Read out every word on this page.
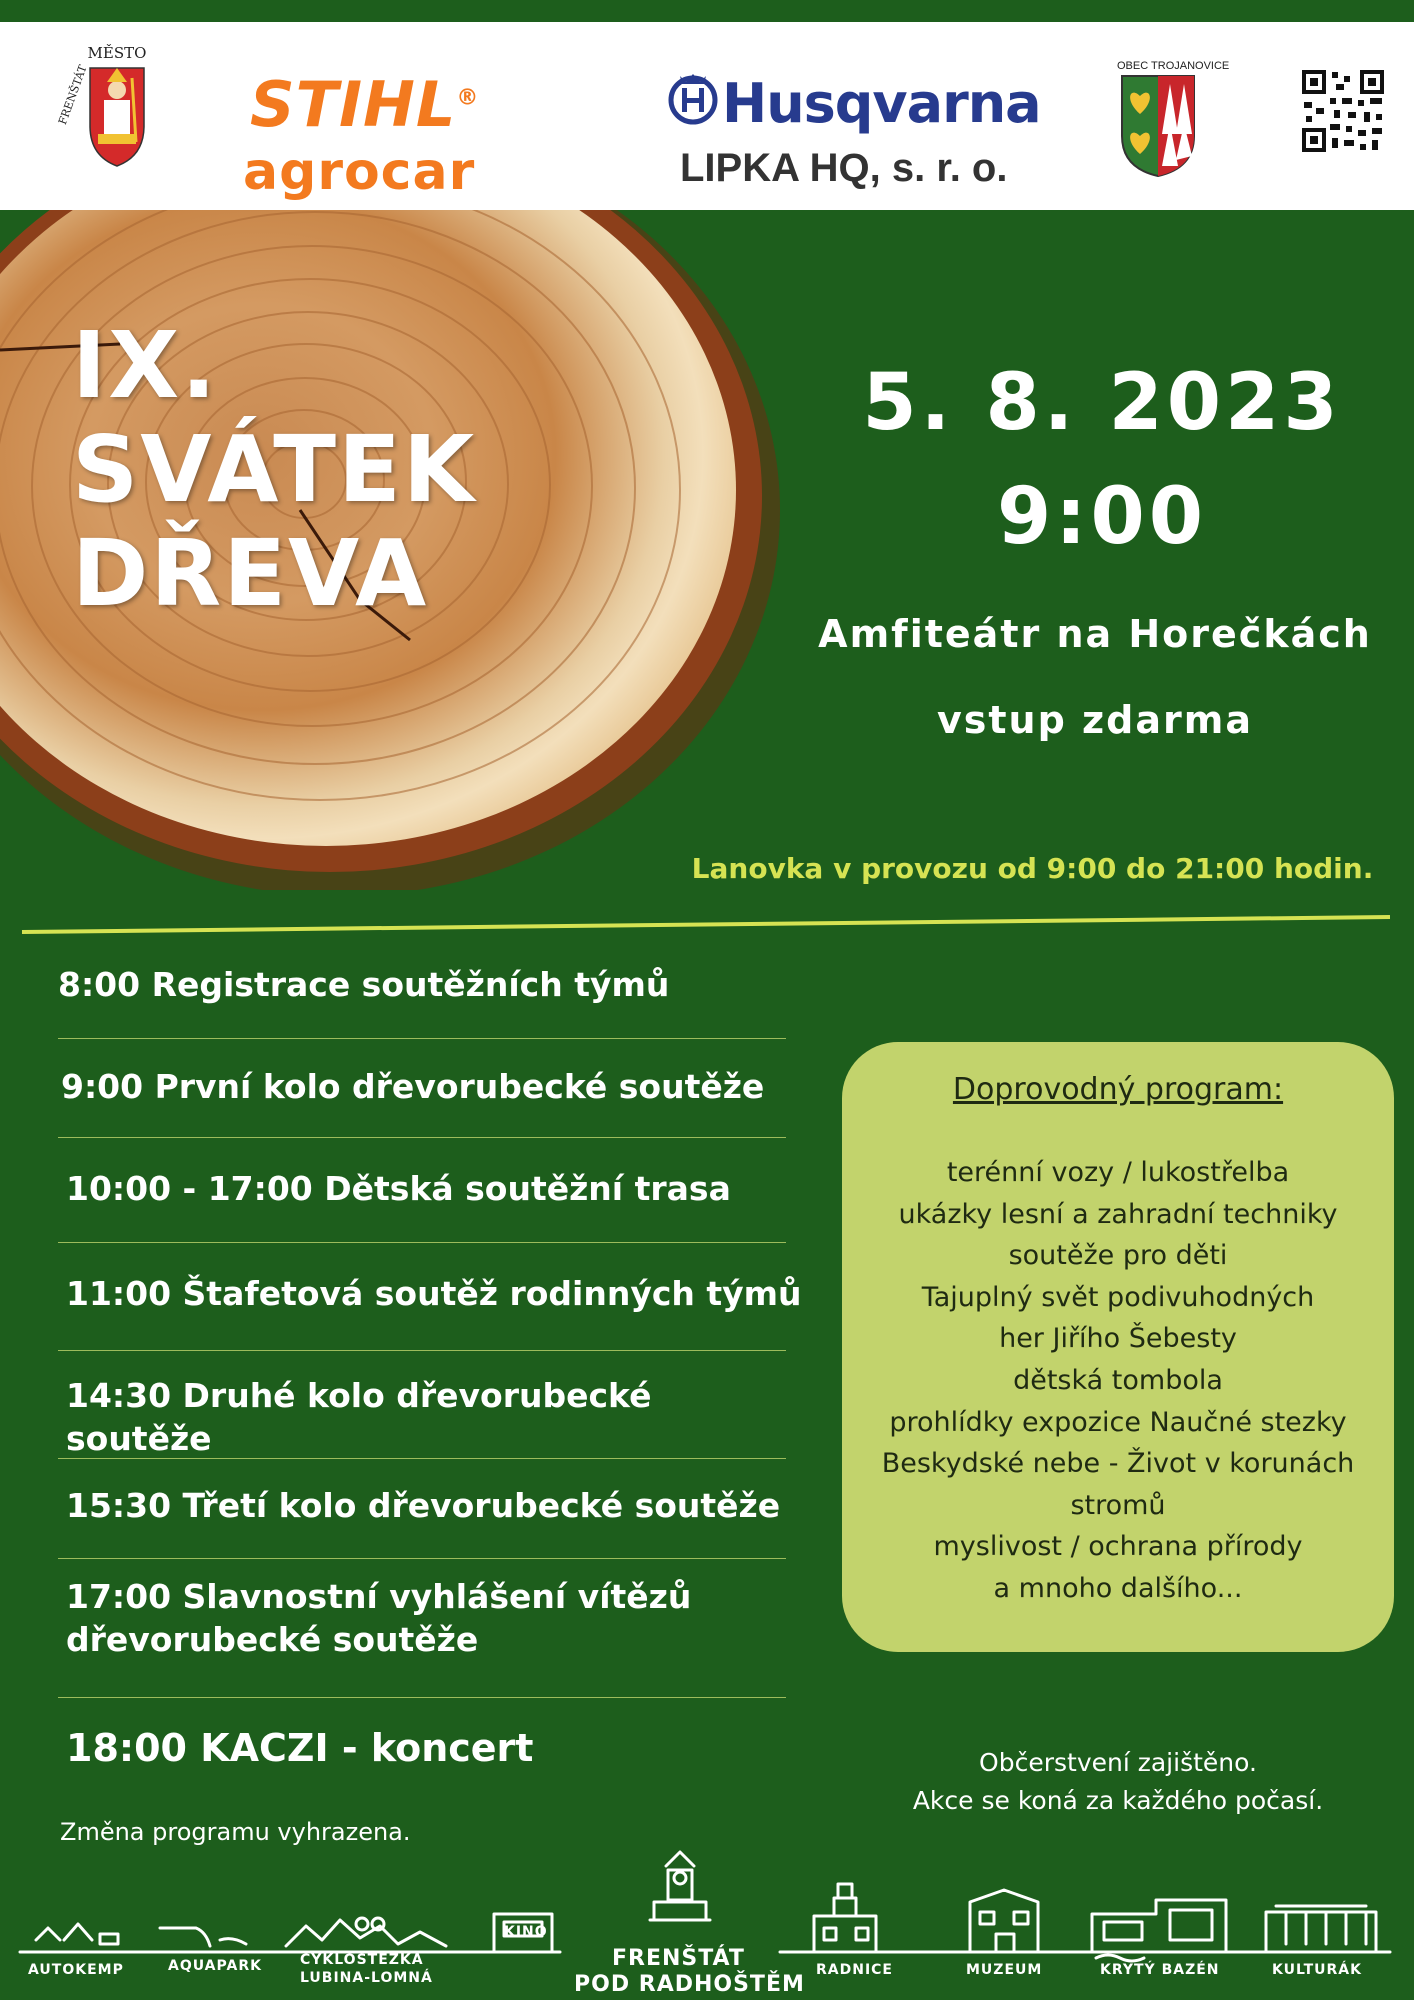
MĚSTO
FRENŠTÁT	STIHL®
agrocar
Husqvarna
LIPKA HQ, s. r. o.
OBEC TROJANOVICE
IX.
SVÁTEK
DŘEVA
5. 8. 2023
9:00
Amfiteátr na Horečkách
vstup zdarma
Lanovka v provozu od 9:00 do 21:00 hodin.
8:00 Registrace soutěžních týmů
9:00 První kolo dřevorubecké soutěže
10:00 - 17:00 Dětská soutěžní trasa
11:00 Štafetová soutěž rodinných týmů
14:30 Druhé kolo dřevorubecké soutěže
15:30 Třetí kolo dřevorubecké soutěže
17:00 Slavnostní vyhlášení vítězů dřevorubecké soutěže
18:00 KACZI - koncert
Změna programu vyhrazena.
Doprovodný program:
terénní vozy / lukostřelba
ukázky lesní a zahradní techniky
soutěže pro děti
Tajuplný svět podivuhodných
her Jiřího Šebesty
dětská tombola
prohlídky expozice Naučné stezky
Beskydské nebe - Život v korunách
stromů
myslivost / ochrana přírody
a mnoho dalšího...
Občerstvení zajištěno.
Akce se koná za každého počasí.
AUTOKEMP	AQUAPARK	CYKLOSTEZKA
LUBINA-LOMNÁ
KINO
FRENŠTÁT
POD RADHOŠTĚM
RADNICE	MUZEUM	KRYTÝ BAZÉN	KULTURÁK
